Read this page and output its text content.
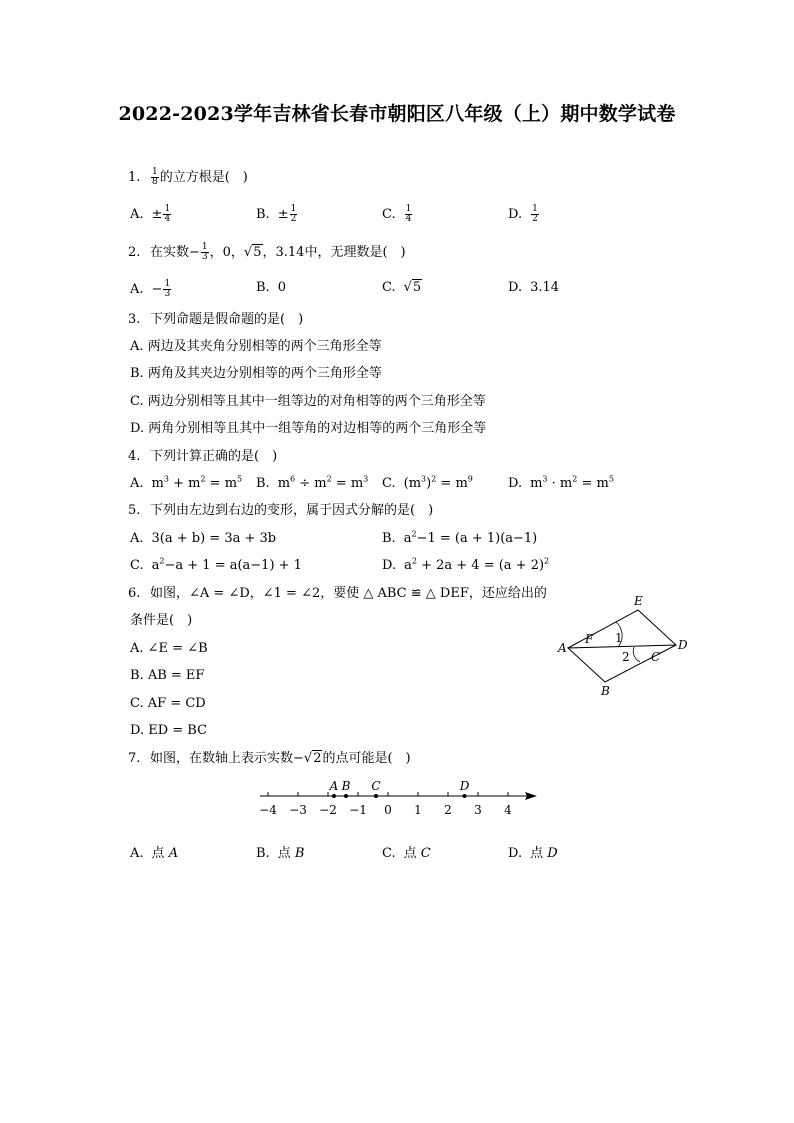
2022-2023学年吉林省长春市朝阳区八年级（上）期中数学试卷
1. $\frac{1}{8}$ 的立方根是(　)
A. ± $\frac{1}{4}$	B. ± $\frac{1}{2}$	C. $\frac{1}{4}$	D. $\frac{1}{2}$
2. 在实数− $\frac{1}{3}$ ，0，√5，3.14中，无理数是(　)
A. − $\frac{1}{3}$	B. 0	C. √5	D. 3.14
3. 下列命题是假命题的是(　)
A. 两边及其夹角分别相等的两个三角形全等
B. 两角及其夹边分别相等的两个三角形全等
C. 两边分别相等且其中一组等边的对角相等的两个三角形全等
D. 两角分别相等且其中一组等角的对边相等的两个三角形全等
4. 下列计算正确的是(　)
A. $m^3 + m^2 = m^5$ B. $m^6 \div m^2 = m^3$ C. $(m^3)^2 = m^9$	D. $m^3 \cdot m^2 = m^5$
5. 下列由左边到右边的变形，属于因式分解的是(　)
A. 3(a + b) = 3a + 3b	B. $a^2-1 = (a + 1)(a-1)$
C. $a^2-a + 1 = a(a-1) + 1$	D. $a^2 + 2a + 4 = (a + 2)^2$
6. 如图，∠A = ∠D，∠1 = ∠2，要使 △ ABC ≌ △ DEF，还应给出的
条件是(　)
A. ∠E = ∠B
B. AB = EF
C. AF = CD
D. ED = BC
E
A	D
F 1
2 C
B
7. 如图，在数轴上表示实数−√2的点可能是(　)
−4 −3 −2 −1 0 1 2 3 4
A B C	D
A. 点 A	B. 点 B	C. 点 C	D. 点 D
